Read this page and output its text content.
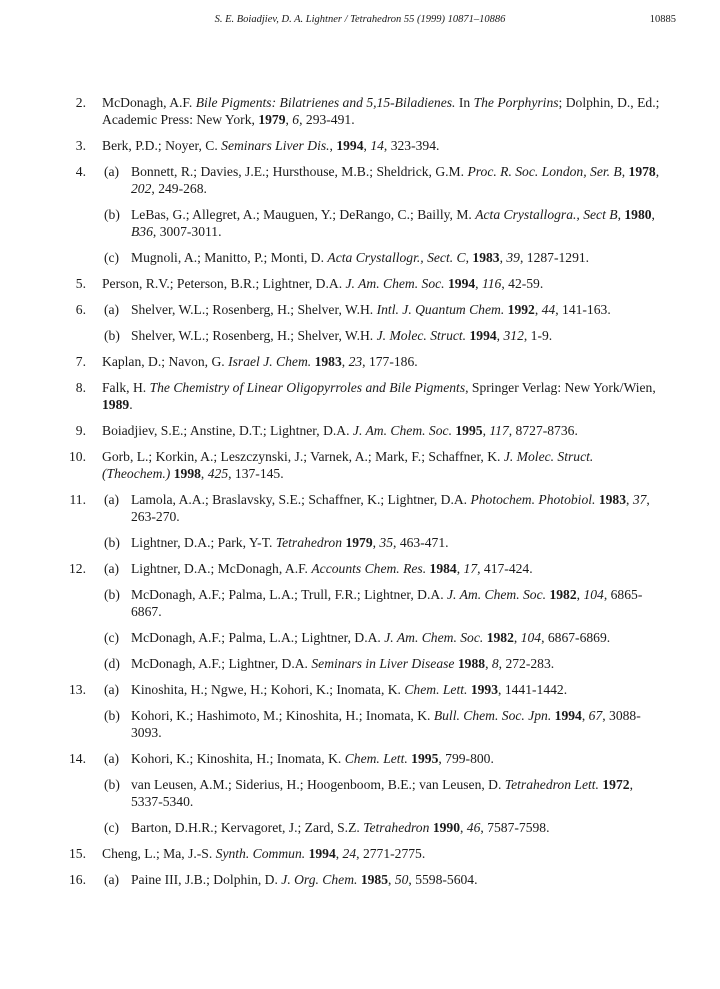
S. E. Boiadjiev, D. A. Lightner / Tetrahedron 55 (1999) 10871–10886	10885
2. McDonagh, A.F. Bile Pigments: Bilatrienes and 5,15-Biladienes. In The Porphyrins; Dolphin, D., Ed.; Academic Press: New York, 1979, 6, 293-491.
3. Berk, P.D.; Noyer, C. Seminars Liver Dis., 1994, 14, 323-394.
4. (a) Bonnett, R.; Davies, J.E.; Hursthouse, M.B.; Sheldrick, G.M. Proc. R. Soc. London, Ser. B, 1978, 202, 249-268.
(b) LeBas, G.; Allegret, A.; Mauguen, Y.; DeRango, C.; Bailly, M. Acta Crystallogra., Sect B, 1980, B36, 3007-3011.
(c) Mugnoli, A.; Manitto, P.; Monti, D. Acta Crystallogr., Sect. C, 1983, 39, 1287-1291.
5. Person, R.V.; Peterson, B.R.; Lightner, D.A. J. Am. Chem. Soc. 1994, 116, 42-59.
6. (a) Shelver, W.L.; Rosenberg, H.; Shelver, W.H. Intl. J. Quantum Chem. 1992, 44, 141-163.
(b) Shelver, W.L.; Rosenberg, H.; Shelver, W.H. J. Molec. Struct. 1994, 312, 1-9.
7. Kaplan, D.; Navon, G. Israel J. Chem. 1983, 23, 177-186.
8. Falk, H. The Chemistry of Linear Oligopyrroles and Bile Pigments, Springer Verlag: New York/Wien, 1989.
9. Boiadjiev, S.E.; Anstine, D.T.; Lightner, D.A. J. Am. Chem. Soc. 1995, 117, 8727-8736.
10. Gorb, L.; Korkin, A.; Leszczynski, J.; Varnek, A.; Mark, F.; Schaffner, K. J. Molec. Struct. (Theochem.) 1998, 425, 137-145.
11. (a) Lamola, A.A.; Braslavsky, S.E.; Schaffner, K.; Lightner, D.A. Photochem. Photobiol. 1983, 37, 263-270.
(b) Lightner, D.A.; Park, Y-T. Tetrahedron 1979, 35, 463-471.
12. (a) Lightner, D.A.; McDonagh, A.F. Accounts Chem. Res. 1984, 17, 417-424.
(b) McDonagh, A.F.; Palma, L.A.; Trull, F.R.; Lightner, D.A. J. Am. Chem. Soc. 1982, 104, 6865-6867.
(c) McDonagh, A.F.; Palma, L.A.; Lightner, D.A. J. Am. Chem. Soc. 1982, 104, 6867-6869.
(d) McDonagh, A.F.; Lightner, D.A. Seminars in Liver Disease 1988, 8, 272-283.
13. (a) Kinoshita, H.; Ngwe, H.; Kohori, K.; Inomata, K. Chem. Lett. 1993, 1441-1442.
(b) Kohori, K.; Hashimoto, M.; Kinoshita, H.; Inomata, K. Bull. Chem. Soc. Jpn. 1994, 67, 3088-3093.
14. (a) Kohori, K.; Kinoshita, H.; Inomata, K. Chem. Lett. 1995, 799-800.
(b) van Leusen, A.M.; Siderius, H.; Hoogenboom, B.E.; van Leusen, D. Tetrahedron Lett. 1972, 5337-5340.
(c) Barton, D.H.R.; Kervagoret, J.; Zard, S.Z. Tetrahedron 1990, 46, 7587-7598.
15. Cheng, L.; Ma, J.-S. Synth. Commun. 1994, 24, 2771-2775.
16. (a) Paine III, J.B.; Dolphin, D. J. Org. Chem. 1985, 50, 5598-5604.
